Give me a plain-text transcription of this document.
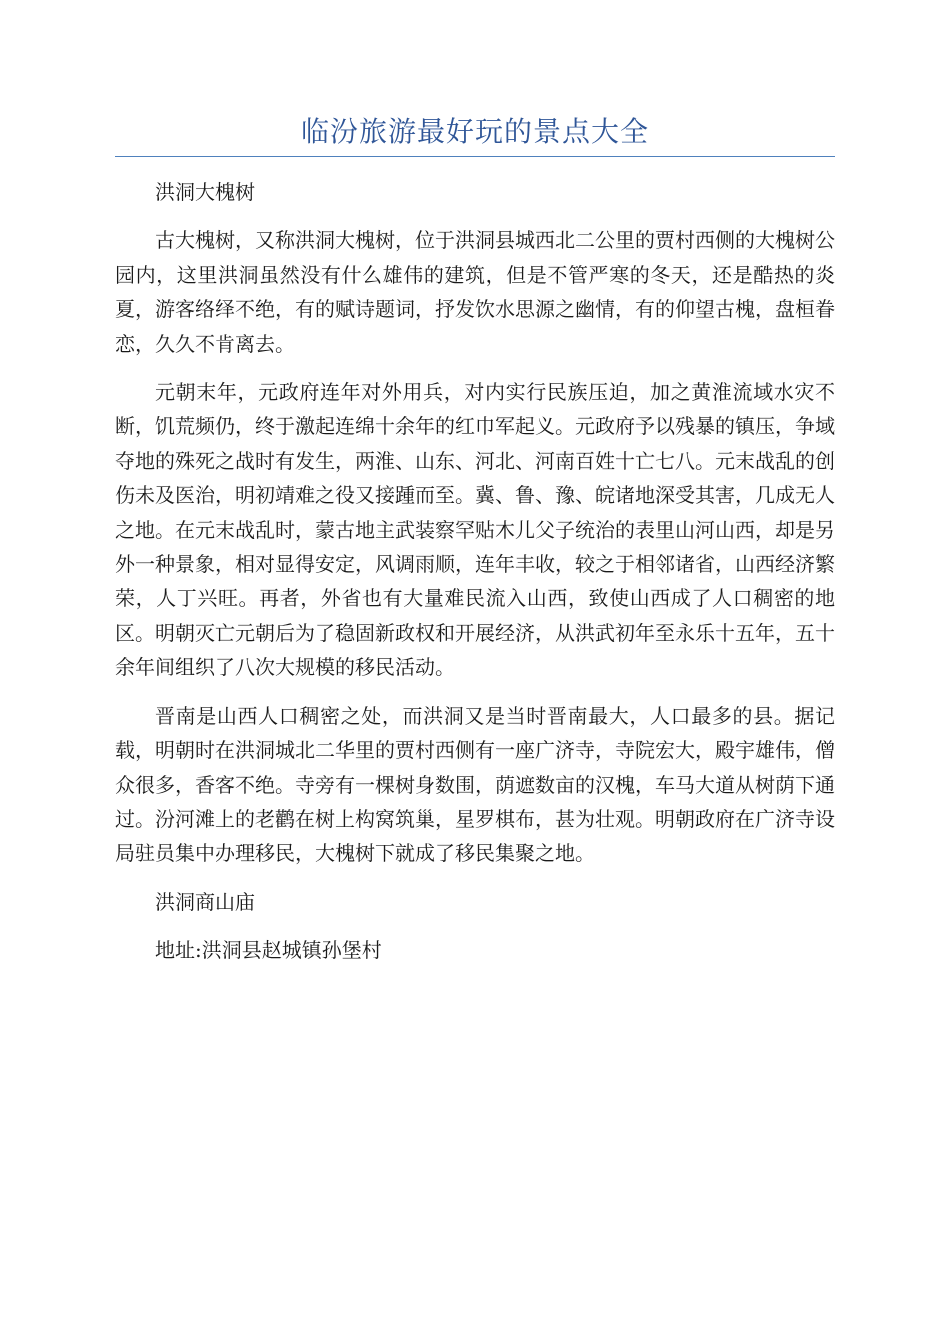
临汾旅游最好玩的景点大全

洪洞大槐树

古大槐树，又称洪洞大槐树，位于洪洞县城西北二公里的贾村西侧的大槐树公园内，这里洪洞虽然没有什么雄伟的建筑，但是不管严寒的冬天，还是酷热的炎夏，游客络绎不绝，有的赋诗题词，抒发饮水思源之幽情，有的仰望古槐，盘桓眷恋，久久不肯离去。

元朝末年，元政府连年对外用兵，对内实行民族压迫，加之黄淮流域水灾不断，饥荒频仍，终于激起连绵十余年的红巾军起义。元政府予以残暴的镇压，争域夺地的殊死之战时有发生，两淮、山东、河北、河南百姓十亡七八。元末战乱的创伤未及医治，明初靖难之役又接踵而至。冀、鲁、豫、皖诸地深受其害，几成无人之地。在元末战乱时，蒙古地主武装察罕贴木儿父子统治的表里山河山西，却是另外一种景象，相对显得安定，风调雨顺，连年丰收，较之于相邻诸省，山西经济繁荣，人丁兴旺。再者，外省也有大量难民流入山西，致使山西成了人口稠密的地区。明朝灭亡元朝后为了稳固新政权和开展经济，从洪武初年至永乐十五年，五十余年间组织了八次大规模的移民活动。

晋南是山西人口稠密之处，而洪洞又是当时晋南最大，人口最多的县。据记载，明朝时在洪洞城北二华里的贾村西侧有一座广济寺，寺院宏大，殿宇雄伟，僧众很多，香客不绝。寺旁有一棵树身数围，荫遮数亩的汉槐，车马大道从树荫下通过。汾河滩上的老鹳在树上构窝筑巢，星罗棋布，甚为壮观。明朝政府在广济寺设局驻员集中办理移民，大槐树下就成了移民集聚之地。

洪洞商山庙

地址:洪洞县赵城镇孙堡村
